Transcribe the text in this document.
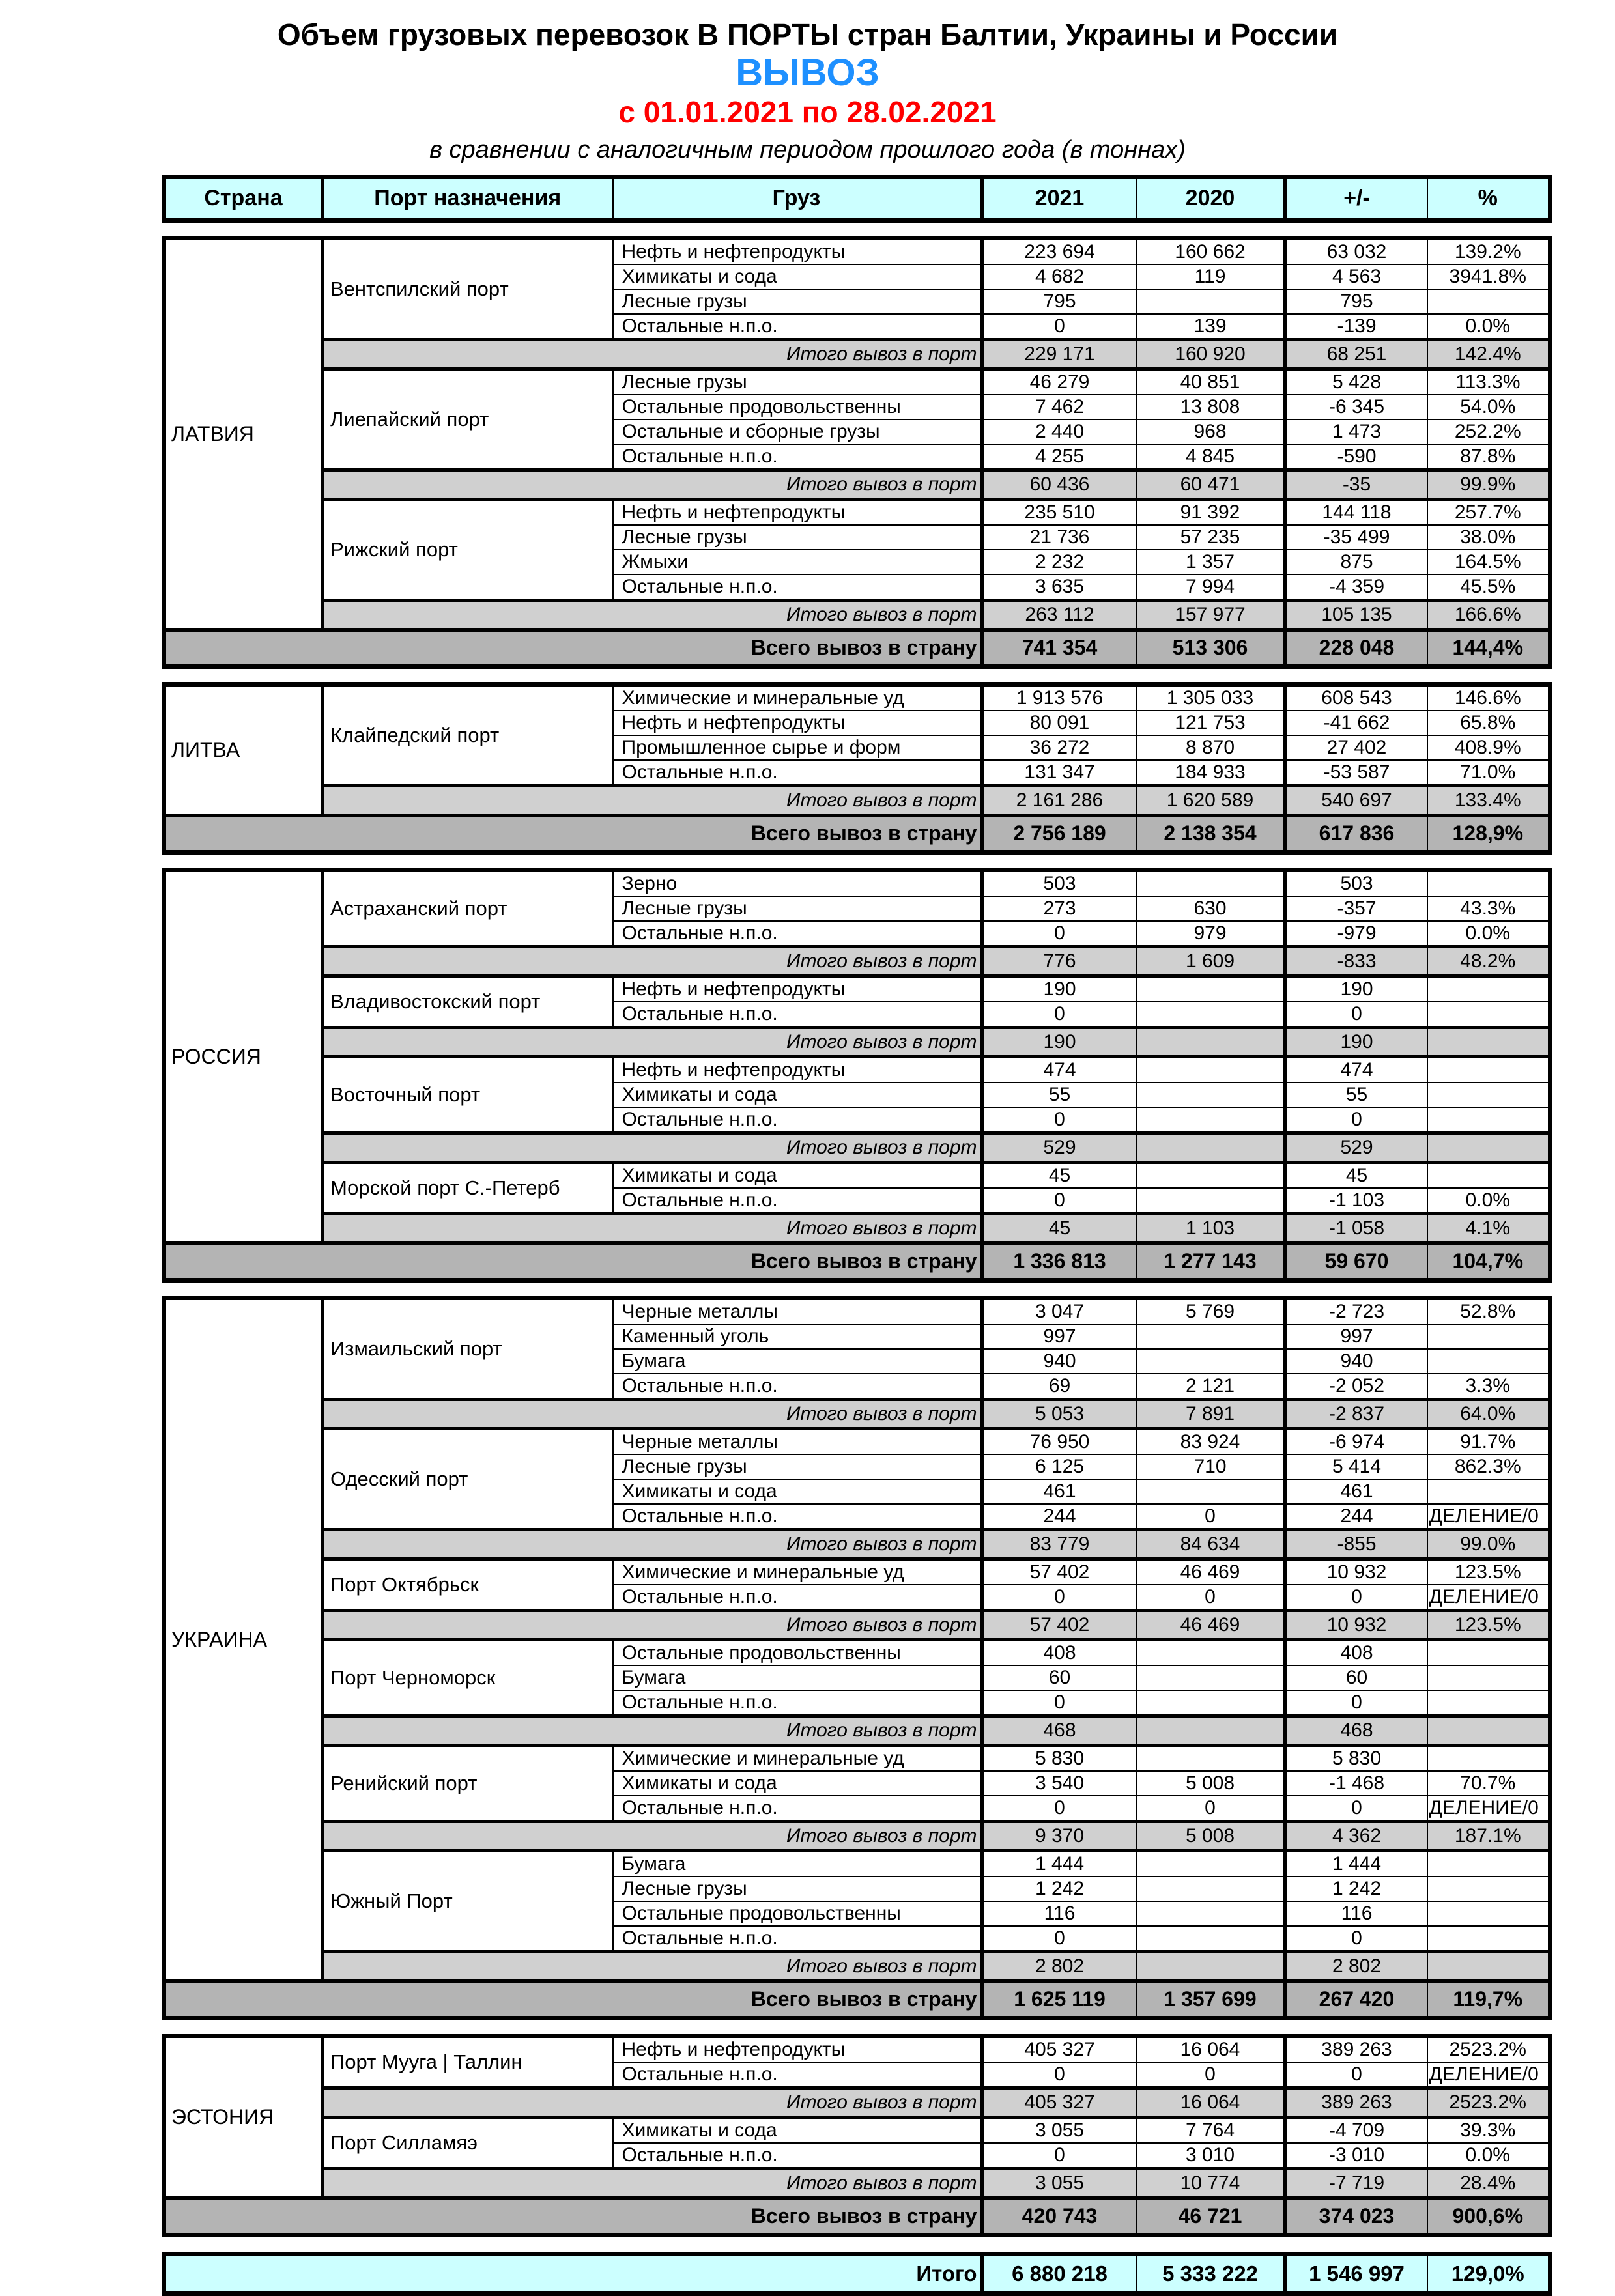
Объем грузовых перевозок В ПОРТЫ стран Балтии, Украины и России
ВЫВОЗ
с 01.01.2021 по 28.02.2021
в сравнении с аналогичным периодом прошлого года (в тоннах)
Страна	Порт назначения	Груз	2021	2020	+/-	%
ЛАТВИЯ	Вентспилский порт	Нефть и нефтепродукты	223 694	160 662	63 032	139.2%
		Химикаты и сода	4 682	119	4 563	3941.8%
		Лесные грузы	795		795	
		Остальные н.п.о.	0	139	-139	0.0%
	Итого вывоз в порт		229 171	160 920	68 251	142.4%
	Лиепайский порт	Лесные грузы	46 279	40 851	5 428	113.3%
		Остальные продовольственны	7 462	13 808	-6 345	54.0%
		Остальные и сборные грузы	2 440	968	1 473	252.2%
		Остальные н.п.о.	4 255	4 845	-590	87.8%
	Итого вывоз в порт		60 436	60 471	-35	99.9%
	Рижский порт	Нефть и нефтепродукты	235 510	91 392	144 118	257.7%
		Лесные грузы	21 736	57 235	-35 499	38.0%
		Жмыхи	2 232	1 357	875	164.5%
		Остальные н.п.о.	3 635	7 994	-4 359	45.5%
	Итого вывоз в порт		263 112	157 977	105 135	166.6%
Всего вывоз в страну			741 354	513 306	228 048	144,4%
ЛИТВА	Клайпедский порт	Химические и минеральные уд	1 913 576	1 305 033	608 543	146.6%
		Нефть и нефтепродукты	80 091	121 753	-41 662	65.8%
		Промышленное сырье и форм	36 272	8 870	27 402	408.9%
		Остальные н.п.о.	131 347	184 933	-53 587	71.0%
	Итого вывоз в порт		2 161 286	1 620 589	540 697	133.4%
Всего вывоз в страну			2 756 189	2 138 354	617 836	128,9%
РОССИЯ	Астраханский порт	Зерно	503		503	
		Лесные грузы	273	630	-357	43.3%
		Остальные н.п.о.	0	979	-979	0.0%
	Итого вывоз в порт		776	1 609	-833	48.2%
	Владивостокский порт	Нефть и нефтепродукты	190		190	
		Остальные н.п.о.	0		0	
	Итого вывоз в порт		190		190	
	Восточный порт	Нефть и нефтепродукты	474		474	
		Химикаты и сода	55		55	
		Остальные н.п.о.	0		0	
	Итого вывоз в порт		529		529	
	Морской порт С.-Петерб	Химикаты и сода	45		45	
		Остальные н.п.о.	0		-1 103	0.0%
	Итого вывоз в порт		45	1 103	-1 058	4.1%
Всего вывоз в страну			1 336 813	1 277 143	59 670	104,7%
УКРАИНА	Измаильский порт	Черные металлы	3 047	5 769	-2 723	52.8%
		Каменный уголь	997		997	
		Бумага	940		940	
		Остальные н.п.о.	69	2 121	-2 052	3.3%
	Итого вывоз в порт		5 053	7 891	-2 837	64.0%
	Одесский порт	Черные металлы	76 950	83 924	-6 974	91.7%
		Лесные грузы	6 125	710	5 414	862.3%
		Химикаты и сода	461		461	
		Остальные н.п.о.	244	0	244	ДЕЛЕНИЕ/0
	Итого вывоз в порт		83 779	84 634	-855	99.0%
	Порт Октябрьск	Химические и минеральные уд	57 402	46 469	10 932	123.5%
		Остальные н.п.о.	0	0	0	ДЕЛЕНИЕ/0
	Итого вывоз в порт		57 402	46 469	10 932	123.5%
	Порт Черноморск	Остальные продовольственны	408		408	
		Бумага	60		60	
		Остальные н.п.о.	0		0	
	Итого вывоз в порт		468		468	
	Ренийский порт	Химические и минеральные уд	5 830		5 830	
		Химикаты и сода	3 540	5 008	-1 468	70.7%
		Остальные н.п.о.	0	0	0	ДЕЛЕНИЕ/0
	Итого вывоз в порт		9 370	5 008	4 362	187.1%
	Южный Порт	Бумага	1 444		1 444	
		Лесные грузы	1 242		1 242	
		Остальные продовольственны	116		116	
		Остальные н.п.о.	0		0	
	Итого вывоз в порт		2 802		2 802	
Всего вывоз в страну			1 625 119	1 357 699	267 420	119,7%
ЭСТОНИЯ	Порт Мууга | Таллин	Нефть и нефтепродукты	405 327	16 064	389 263	2523.2%
		Остальные н.п.о.	0	0	0	ДЕЛЕНИЕ/0
	Итого вывоз в порт		405 327	16 064	389 263	2523.2%
	Порт Силламяэ	Химикаты и сода	3 055	7 764	-4 709	39.3%
		Остальные н.п.о.	0	3 010	-3 010	0.0%
	Итого вывоз в порт		3 055	10 774	-7 719	28.4%
Всего вывоз в страну			420 743	46 721	374 023	900,6%
Итого	6 880 218	5 333 222	1 546 997	129,0%
